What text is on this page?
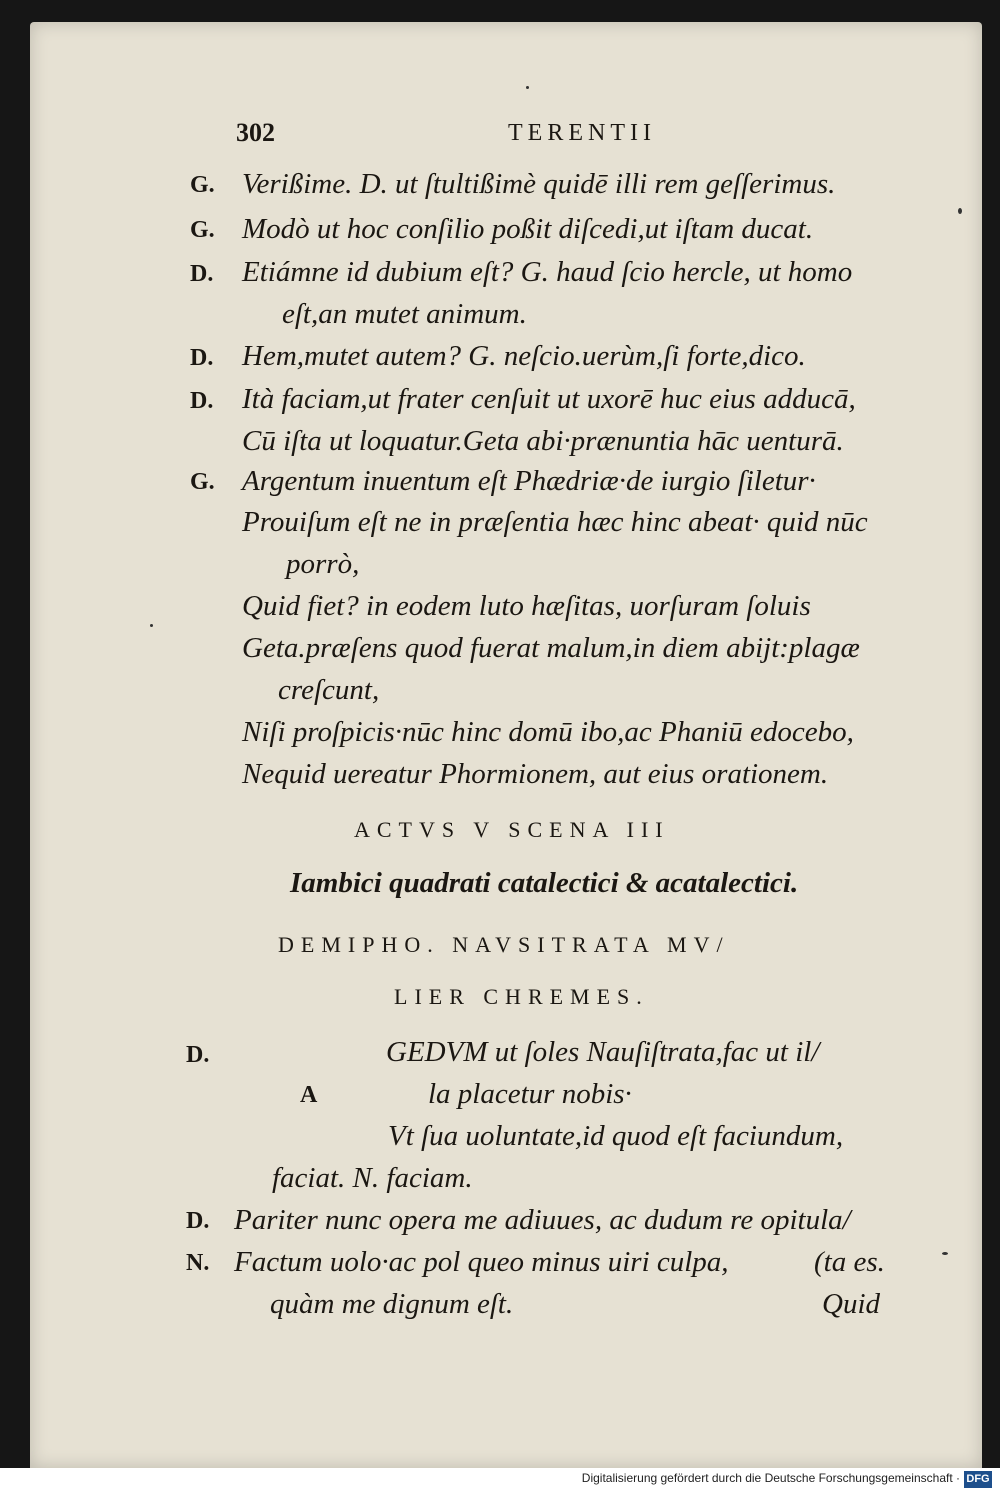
302	TERENTII
G. Verißime. D. ut ſtultißimè quidē illi rem geſſerimus.
G. Modò ut hoc conſilio poßit diſcedi,ut iſtam ducat.
D. Etiámne id dubium eſt? G. haud ſcio hercle, ut homo
eſt,an mutet animum.
D. Hem,mutet autem? G. neſcio.uerùm,ſi forte,dico.
D. Ità faciam,ut frater cenſuit ut uxorē huc eius adducā,
Cū iſta ut loquatur.Geta abi·prænuntia hāc uenturā.
G. Argentum inuentum eſt Phædriæ·de iurgio ſiletur·
Prouiſum eſt ne in præſentia hæc hinc abeat· quid nūc
porrò,
Quid fiet? in eodem luto hæſitas, uorſuram ſoluis
Geta.præſens quod fuerat malum,in diem abijt:plagæ
creſcunt,
Niſi proſpicis·nūc hinc domū ibo,ac Phaniū edocebo,
Nequid uereatur Phormionem, aut eius orationem.
ACTVS V SCENA III
Iambici quadrati catalectici & acatalectici.
DEMIPHO. NAVSITRATA MV/
LIER CHREMES.
D.
A
GEDVM ut ſoles Nauſiſtrata,fac ut il/
la placetur nobis·
Vt ſua uoluntate,id quod eſt faciundum,
faciat. N. faciam.
D. Pariter nunc opera me adiuues, ac dudum re opitula/
N. Factum uolo·ac pol queo minus uiri culpa,	(ta es.
quàm me dignum eſt.	Quid
Digitalisierung gefördert durch die Deutsche Forschungsgemeinschaft · DFG
